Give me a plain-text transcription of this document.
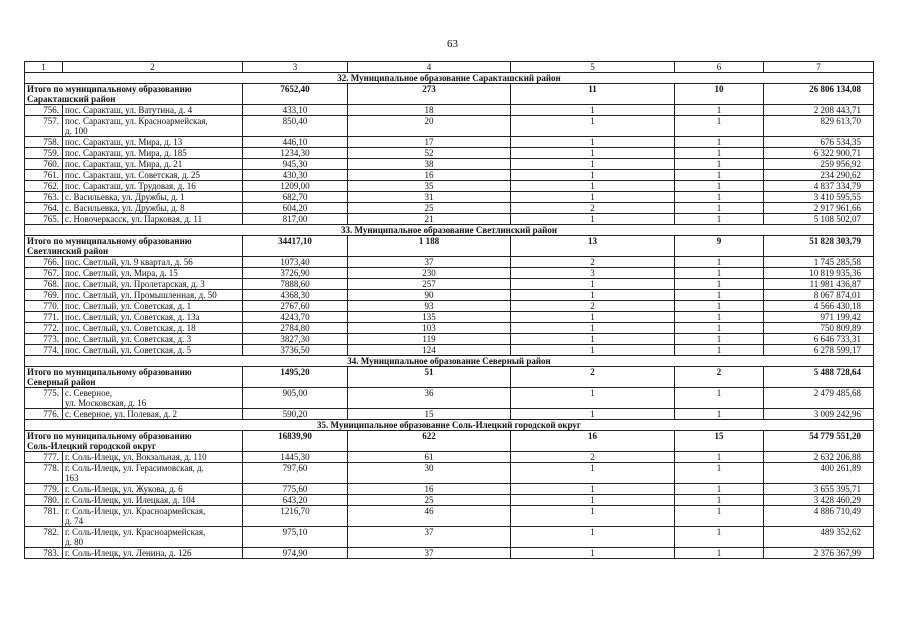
63
1	2	3	4	5	6	7
32. Муниципальное образование Саракташский район						

Итого по муниципальному образованию
Саракташский район		7652,40	273	11	10	26 806 134,08
756.	пос. Саракташ, ул. Ватутина, д. 4	433,10	18	1	1	2 208 443,71
757.	пос. Саракташ, ул. Красноармейская,
д. 100	850,40	20	1	1	829 613,70
758.	пос. Саракташ, ул. Мира, д. 13	446,10	17	1	1	676 534,35
759.	пос. Саракташ, ул. Мира, д. 185	1234,30	52	1	1	6 322 900,71
760.	пос. Саракташ, ул. Мира, д. 21	945,30	38	1	1	259 956,92
761.	пос. Саракташ, ул. Советская, д. 25	430,30	16	1	1	234 290,62
762.	пос. Саракташ, ул. Трудовая, д. 16	1209,00	35	1	1	4 837 334,79
763.	с. Васильевка, ул. Дружбы, д. 1	682,70	31	1	1	3 410 595,55
764.	с. Васильевка, ул. Дружбы, д. 8	604,20	25	2	1	2 917 961,66
765.	с. Новочеркасск, ул. Парковая, д. 11	817,00	21	1	1	5 108 502,07
33. Муниципальное образование Светлинский район						

Итого по муниципальному образованию
Светлинский район		34417,10	1 188	13	9	51 828 303,79
766.	пос. Светлый, ул. 9 квартал, д. 56	1073,40	37	2	1	1 745 285,58
767.	пос. Светлый, ул. Мира, д. 15	3726,90	230	3	1	10 819 935,36
768.	пос. Светлый, ул. Пролетарская, д. 3	7888,60	257	1	1	11 981 436,87
769.	пос. Светлый, ул. Промышленная, д. 50	4368,30	90	1	1	8 067 874,01
770.	пос. Светлый, ул. Советская, д. 1	2767,60	93	2	1	4 566 430,18
771.	пос. Светлый, ул. Советская, д. 13а	4243,70	135	1	1	971 199,42
772.	пос. Светлый, ул. Советская, д. 18	2784,80	103	1	1	750 809,89
773.	пос. Светлый, ул. Советская, д. 3	3827,30	119	1	1	6 646 733,31
774.	пос. Светлый, ул. Советская, д. 5	3736,50	124	1	1	6 278 599,17
34. Муниципальное образование Северный район						

Итого по муниципальному образованию
Северный район		1495,20	51	2	2	5 488 728,64
775.	с. Северное,
ул. Московская, д. 16	905,00	36	1	1	2 479 485,68
776.	с. Северное, ул. Полевая, д. 2	590,20	15	1	1	3 009 242,96
35. Муниципальное образование Соль-Илецкий городской округ						

Итого по муниципальному образованию
Соль-Илецкий городской округ		16839,90	622	16	15	54 779 551,20
777.	г. Соль-Илецк, ул. Вокзальная, д. 110	1445,30	61	2	1	2 632 206,88
778.	г. Соль-Илецк, ул. Герасимовская, д.
163	797,60	30	1	1	400 261,89
779.	г. Соль-Илецк, ул. Жукова, д. 6	775,60	16	1	1	3 655 395,71
780.	г. Соль-Илецк, ул. Илецкая, д. 104	643,20	25	1	1	3 428 460,29
781.	г. Соль-Илецк, ул. Красноармейская,
д. 74	1216,70	46	1	1	4 886 710,49
782.	г. Соль-Илецк, ул. Красноармейская,
д. 80	975,10	37	1	1	489 352,62
783.	г. Соль-Илецк, ул. Ленина, д. 126	974,90	37	1	1	2 376 367,99
